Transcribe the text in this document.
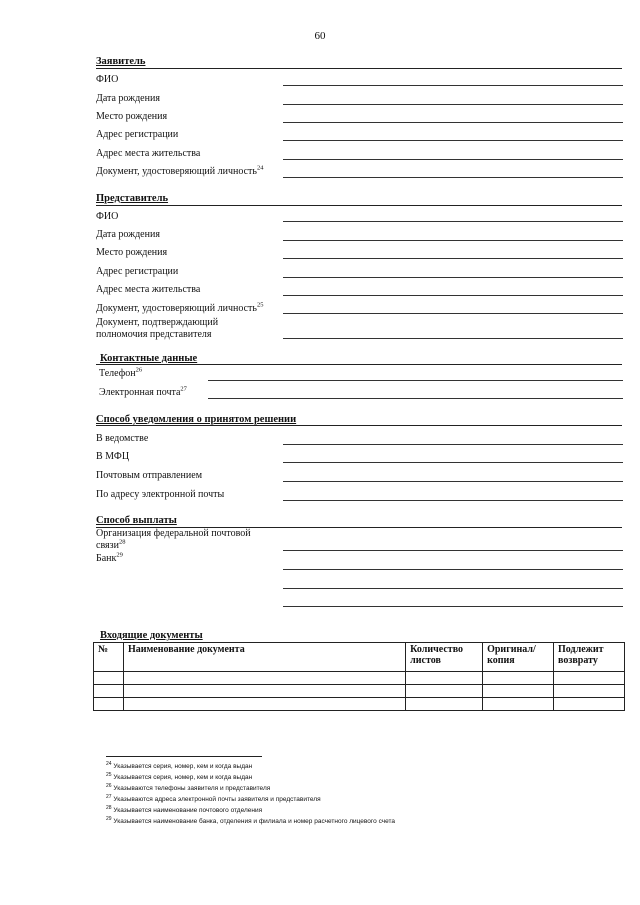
60
Заявитель
ФИО
Дата рождения
Место рождения
Адрес регистрации
Адрес места жительства
Документ, удостоверяющий личность$^{24}$
Представитель
ФИО
Дата рождения
Место рождения
Адрес регистрации
Адрес места жительства
Документ, удостоверяющий личность$^{25}$
Документ, подтверждающий
полномочия представителя
Контактные данные
Телефон$^{26}$
Электронная почта$^{27}$
Способ уведомления о принятом решении
В ведомстве
В МФЦ
Почтовым отправлением
По адресу электронной почты
Способ выплаты
Организация федеральной почтовой
связи$^{28}$
Банк$^{29}$
Входящие документы
№	Наименование документа	Количество листов	Оригинал/ копия	Подлежит возврату

$^{24}$ Указывается серия, номер, кем и когда выдан
$^{25}$ Указывается серия, номер, кем и когда выдан
$^{26}$ Указываются телефоны заявителя и представителя
$^{27}$ Указываются адреса электронной почты заявителя и представителя
$^{28}$ Указывается наименование почтового отделения
$^{29}$ Указывается наименование банка, отделения и филиала и номер расчетного лицевого счета
